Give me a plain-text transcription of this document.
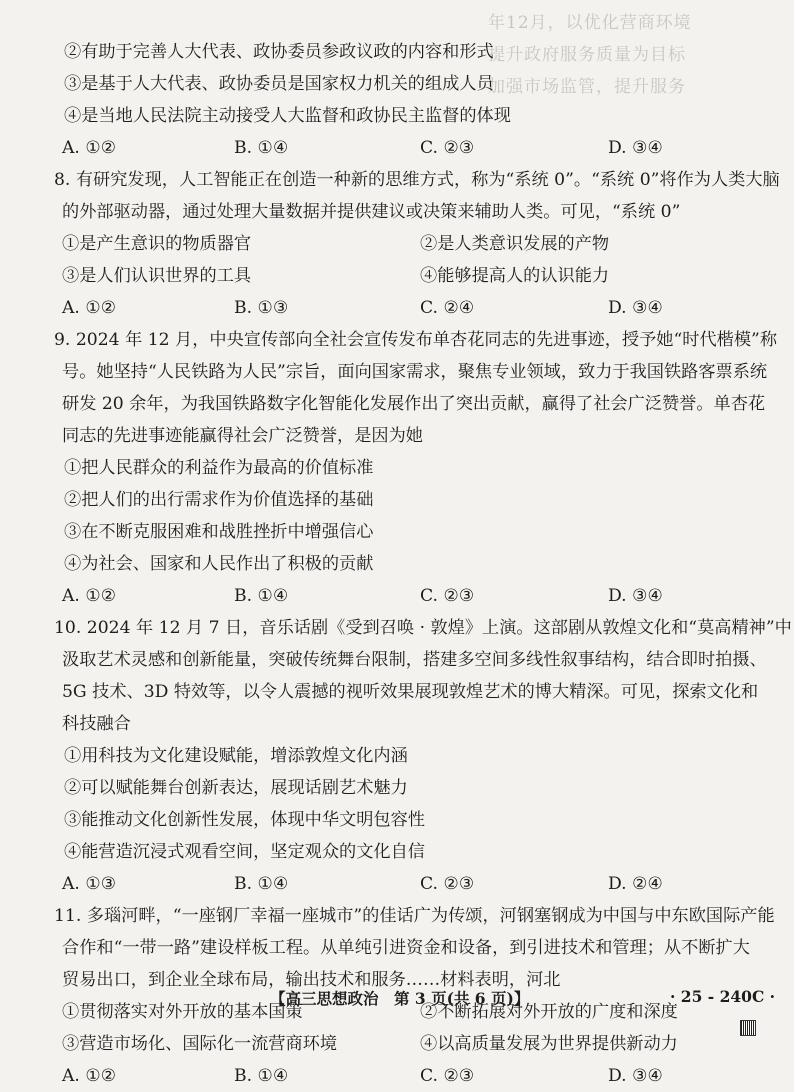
年12月，以优化营商环境
提升政府服务质量为目标
加强市场监管，提升服务
②有助于完善人大代表、政协委员参政议政的内容和形式
③是基于人大代表、政协委员是国家权力机关的组成人员
④是当地人民法院主动接受人大监督和政协民主监督的体现
A. ①②	B. ①④	C. ②③	D. ③④
8. 有研究发现，人工智能正在创造一种新的思维方式，称为“系统 0”。“系统 0”将作为人类大脑
的外部驱动器，通过处理大量数据并提供建议或决策来辅助人类。可见，“系统 0”
①是产生意识的物质器官	②是人类意识发展的产物
③是人们认识世界的工具	④能够提高人的认识能力
A. ①②	B. ①③	C. ②④	D. ③④
9. 2024 年 12 月，中央宣传部向全社会宣传发布单杏花同志的先进事迹，授予她“时代楷模”称
号。她坚持“人民铁路为人民”宗旨，面向国家需求，聚焦专业领域，致力于我国铁路客票系统
研发 20 余年，为我国铁路数字化智能化发展作出了突出贡献，赢得了社会广泛赞誉。单杏花
同志的先进事迹能赢得社会广泛赞誉，是因为她
①把人民群众的利益作为最高的价值标准
②把人们的出行需求作为价值选择的基础
③在不断克服困难和战胜挫折中增强信心
④为社会、国家和人民作出了积极的贡献
A. ①②	B. ①④	C. ②③	D. ③④
10. 2024 年 12 月 7 日，音乐话剧《受到召唤 · 敦煌》上演。这部剧从敦煌文化和“莫高精神”中
汲取艺术灵感和创新能量，突破传统舞台限制，搭建多空间多线性叙事结构，结合即时拍摄、
5G 技术、3D 特效等，以令人震撼的视听效果展现敦煌艺术的博大精深。可见，探索文化和
科技融合
①用科技为文化建设赋能，增添敦煌文化内涵
②可以赋能舞台创新表达，展现话剧艺术魅力
③能推动文化创新性发展，体现中华文明包容性
④能营造沉浸式观看空间，坚定观众的文化自信
A. ①③	B. ①④	C. ②③	D. ②④
11. 多瑙河畔，“一座钢厂幸福一座城市”的佳话广为传颂，河钢塞钢成为中国与中东欧国际产能
合作和“一带一路”建设样板工程。从单纯引进资金和设备，到引进技术和管理；从不断扩大
贸易出口，到企业全球布局，输出技术和服务……材料表明，河北
①贯彻落实对外开放的基本国策	②不断拓展对外开放的广度和深度
③营造市场化、国际化一流营商环境	④以高质量发展为世界提供新动力
A. ①②	B. ①④	C. ②③	D. ③④
【高三思想政治　第 3 页(共 6 页)】	· 25 - 240C ·
